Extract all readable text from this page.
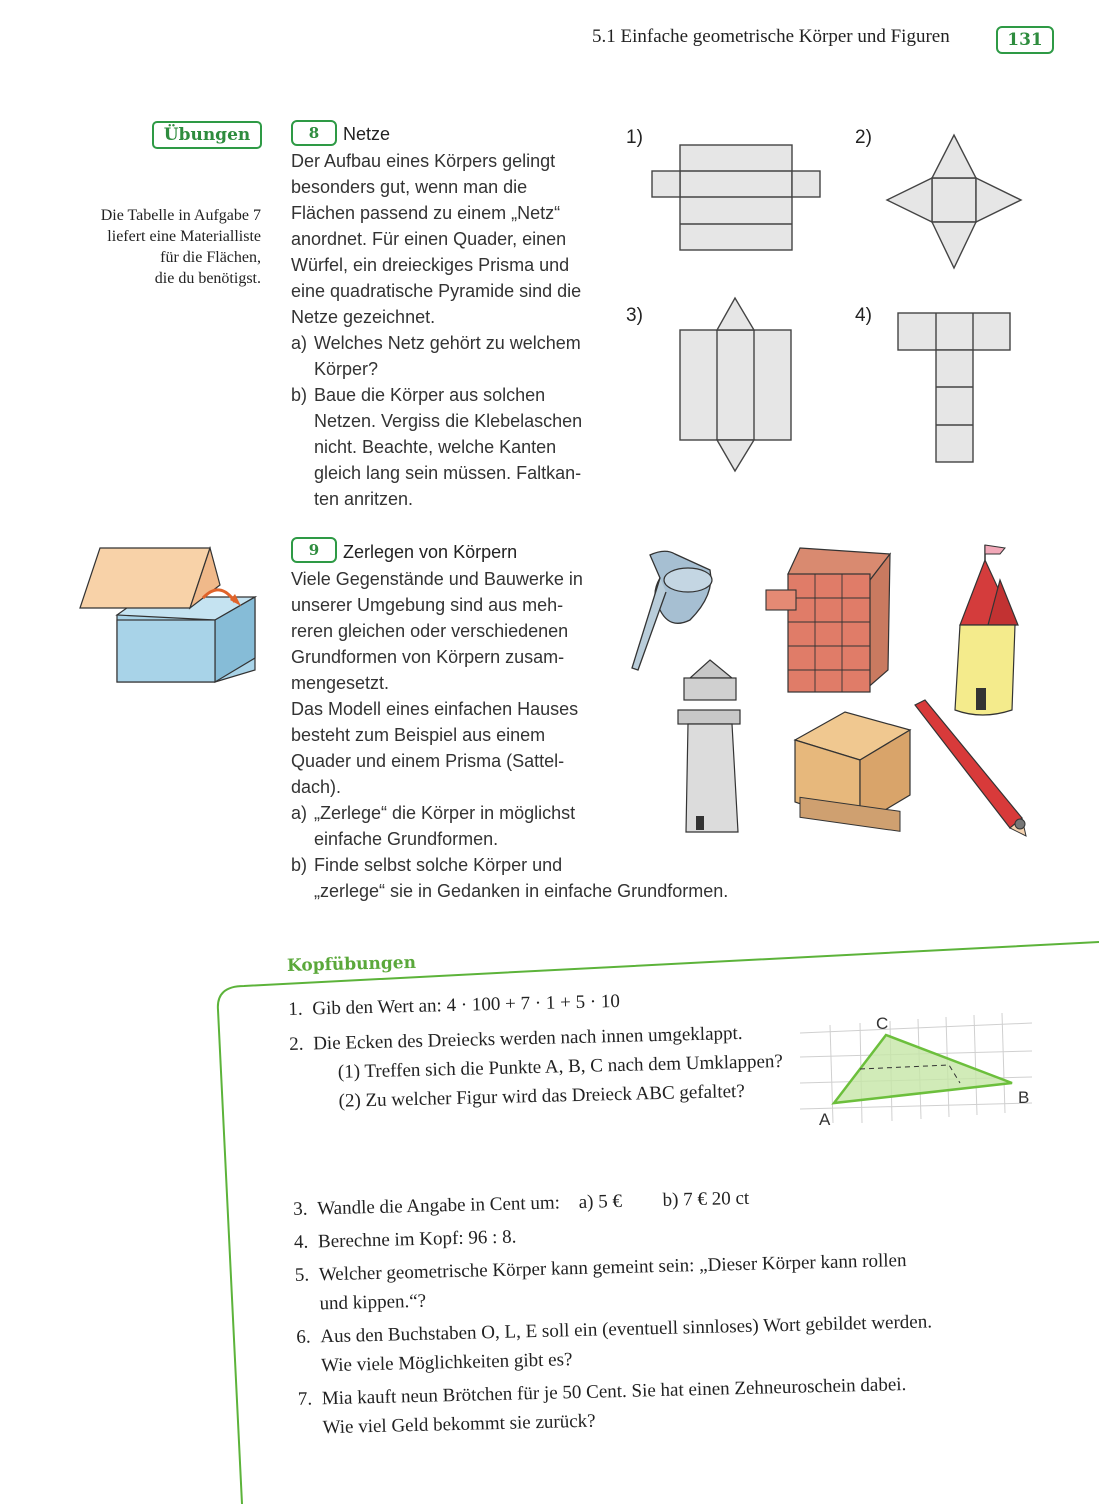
5.1 Einfache geometrische Körper und Figuren	131
Übungen
Die Tabelle in Aufgabe 7
liefert eine Materialliste
für die Flächen,
die du benötigst.
8	Netze

Der Aufbau eines Körpers gelingt

besonders gut, wenn man die

Flächen passend zu einem „Netz“

anordnet. Für einen Quader, einen

Würfel, ein dreieckiges Prisma und

eine quadratische Pyramide sind die

Netze gezeichnet.

a) Welches Netz gehört zu welchem

Körper?

b) Baue die Körper aus solchen

Netzen. Vergiss die Klebelaschen

nicht. Beachte, welche Kanten

gleich lang sein müssen. Faltkan-

ten anritzen.

1)	2)
3)	4)
9	Zerlegen von Körpern

Viele Gegenstände und Bauwerke in

unserer Umgebung sind aus meh-

reren gleichen oder verschiedenen

Grundformen von Körpern zusam-

mengesetzt.

Das Modell eines einfachen Hauses

besteht zum Beispiel aus einem

Quader und einem Prisma (Sattel-

dach).

a) „Zerlege“ die Körper in möglichst

einfache Grundformen.

b) Finde selbst solche Körper und

„zerlege“ sie in Gedanken in einfache Grundformen.

Kopfübungen
1. Gib den Wert an: 4 · 100 + 7 · 1 + 5 · 10
2. Die Ecken des Dreiecks werden nach innen umgeklappt.
(1) Treffen sich die Punkte A, B, C nach dem Umklappen?
(2) Zu welcher Figur wird das Dreieck ABC gefaltet?
3. Wandle die Angabe in Cent um: a) 5 € b) 7 € 20 ct
4. Berechne im Kopf: 96 : 8.
5. Welcher geometrische Körper kann gemeint sein: „Dieser Körper kann rollen
und kippen.“?
6. Aus den Buchstaben O, L, E soll ein (eventuell sinnloses) Wort gebildet werden.
Wie viele Möglichkeiten gibt es?
7. Mia kauft neun Brötchen für je 50 Cent. Sie hat einen Zehneuroschein dabei.
Wie viel Geld bekommt sie zurück?
C
B
A
